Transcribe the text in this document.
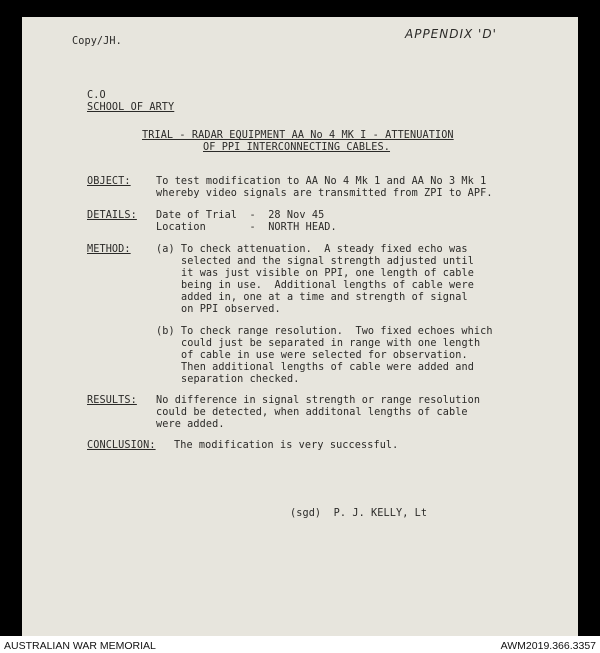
Copy/JH.
APPENDIX 'D'
C.O
SCHOOL OF ARTY
TRIAL - RADAR EQUIPMENT AA No 4 MK I - ATTENUATION
OF PPI INTERCONNECTING CABLES.
OBJECT: To test modification to AA No 4 Mk 1 and AA No 3 Mk 1
whereby video signals are transmitted from ZPI to APF.
DETAILS: Date of Trial  -  28 Nov 45
Location       -  NORTH HEAD.
METHOD: (a) To check attenuation.  A steady fixed echo was
selected and the signal strength adjusted until
it was just visible on PPI, one length of cable
being in use.  Additional lengths of cable were
added in, one at a time and strength of signal
on PPI observed.
(b) To check range resolution.  Two fixed echoes which
could just be separated in range with one length
of cable in use were selected for observation.
Then additional lengths of cable were added and
separation checked.
RESULTS: No difference in signal strength or range resolution
could be detected, when additonal lengths of cable
were added.
CONCLUSION: The modification is very successful.
(sgd)  P. J. KELLY, Lt
AUSTRALIAN WAR MEMORIAL	AWM2019.366.3357
